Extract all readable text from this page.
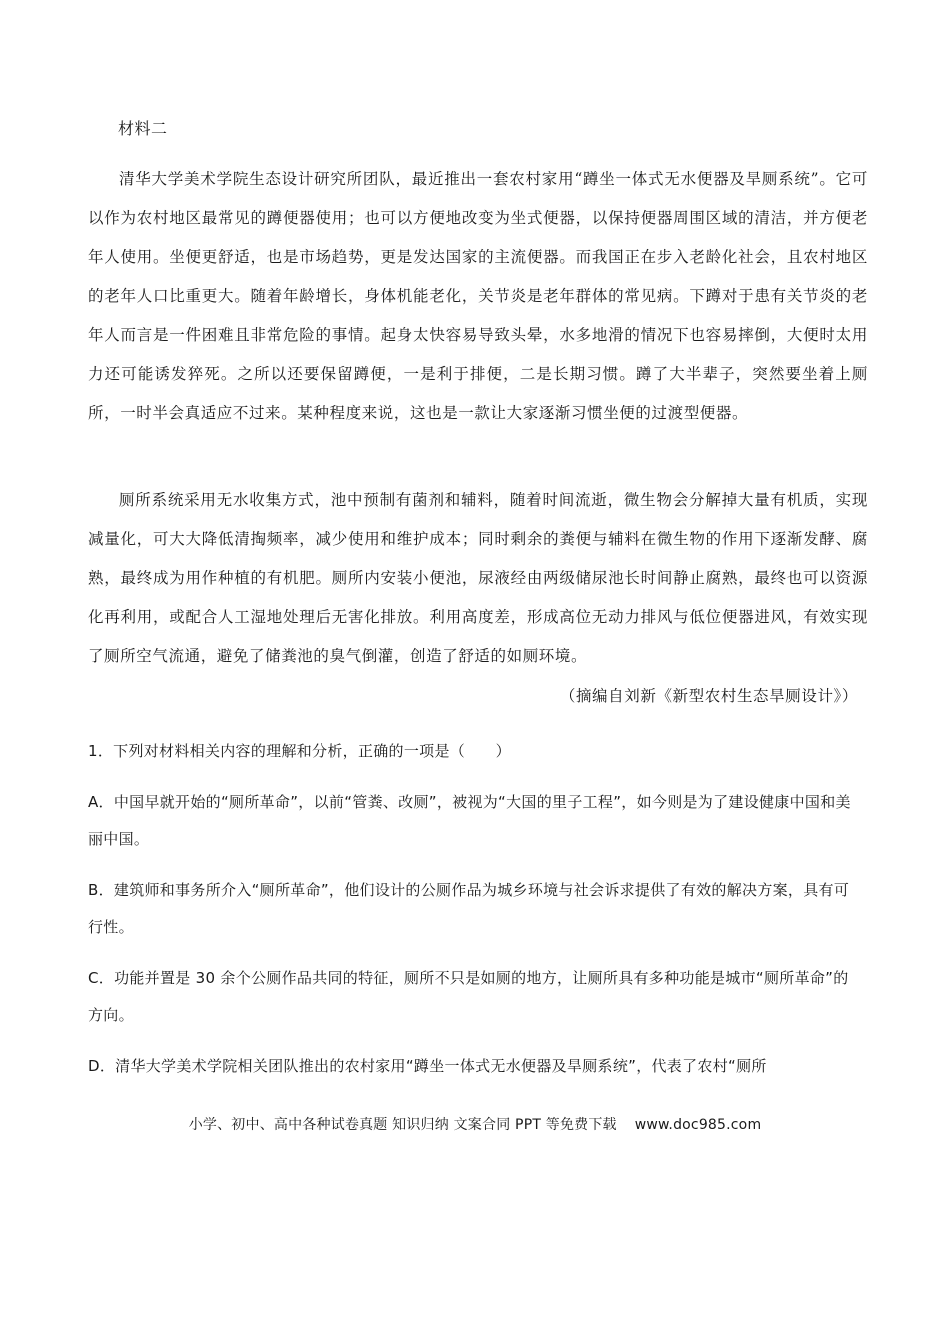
材料二

清华大学美术学院生态设计研究所团队，最近推出一套农村家用“蹲坐一体式无水便器及旱厕系统”。它可以作为农村地区最常见的蹲便器使用；也可以方便地改变为坐式便器，以保持便器周围区域的清洁，并方便老年人使用。坐便更舒适，也是市场趋势，更是发达国家的主流便器。而我国正在步入老龄化社会，且农村地区的老年人口比重更大。随着年龄增长，身体机能老化，关节炎是老年群体的常见病。下蹲对于患有关节炎的老年人而言是一件困难且非常危险的事情。起身太快容易导致头晕，水多地滑的情况下也容易摔倒，大便时太用力还可能诱发猝死。之所以还要保留蹲便，一是利于排便，二是长期习惯。蹲了大半辈子，突然要坐着上厕所，一时半会真适应不过来。某种程度来说，这也是一款让大家逐渐习惯坐便的过渡型便器。

厕所系统采用无水收集方式，池中预制有菌剂和辅料，随着时间流逝，微生物会分解掉大量有机质，实现减量化，可大大降低清掏频率，减少使用和维护成本；同时剩余的粪便与辅料在微生物的作用下逐渐发酵、腐熟，最终成为用作种植的有机肥。厕所内安装小便池，尿液经由两级储尿池长时间静止腐熟，最终也可以资源化再利用，或配合人工湿地处理后无害化排放。利用高度差，形成高位无动力排风与低位便器进风，有效实现了厕所空气流通，避免了储粪池的臭气倒灌，创造了舒适的如厕环境。

（摘编自刘新《新型农村生态旱厕设计》）

1．下列对材料相关内容的理解和分析，正确的一项是（　　）

A．中国早就开始的“厕所革命”，以前“管粪、改厕”，被视为“大国的里子工程”，如今则是为了建设健康中国和美丽中国。

B．建筑师和事务所介入“厕所革命”，他们设计的公厕作品为城乡环境与社会诉求提供了有效的解决方案，具有可行性。

C．功能并置是 30 余个公厕作品共同的特征，厕所不只是如厕的地方，让厕所具有多种功能是城市“厕所革命”的方向。

D．清华大学美术学院相关团队推出的农村家用“蹲坐一体式无水便器及旱厕系统”，代表了农村“厕所

小学、初中、高中各种试卷真题 知识归纳 文案合同 PPT 等免费下载 www.doc985.com
